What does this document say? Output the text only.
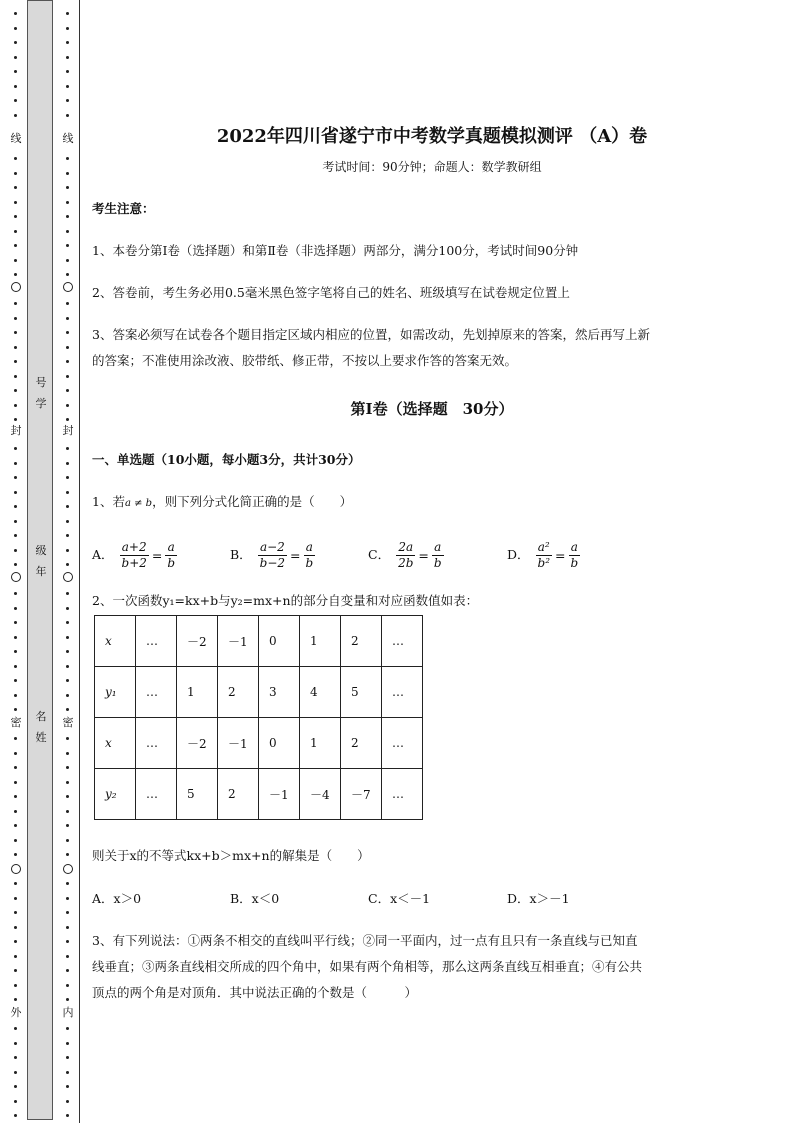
线
封
密
外
号
学
级
年
名
姓
线
封
密
内
2022年四川省遂宁市中考数学真题模拟测评 （A）卷
考试时间：90分钟；命题人：数学教研组
考生注意：
1、本卷分第Ⅰ卷（选择题）和第Ⅱ卷（非选择题）两部分，满分100分，考试时间90分钟
2、答卷前，考生务必用0.5毫米黑色签字笔将自己的姓名、班级填写在试卷规定位置上
3、答案必须写在试卷各个题目指定区域内相应的位置，如需改动，先划掉原来的答案，然后再写上新
的答案；不准使用涂改液、胶带纸、修正带，不按以上要求作答的答案无效。
第Ⅰ卷（选择题　30分）
一、单选题（10小题，每小题3分，共计30分）
1、若a ≠ b，则下列分式化简正确的是（　　）
A． $\frac{a+2}{b+2} = \frac{a}{b}$	B． $\frac{a-2}{b-2} = \frac{a}{b}$	C． $\frac{2a}{2b} = \frac{a}{b}$	D． $\frac{\text{a²}}{\text{b²}} = \frac{a}{b}$
2、一次函数y₁=kx+b与y₂=mx+n的部分自变量和对应函数值如表：
x	…	－2	－1	0	1	2	…
y₁	…	1	2	3	4	5	…
x	…	－2	－1	0	1	2	…
y₂	…	5	2	－1	－4	－7	…
则关于x的不等式kx+b＞mx+n的解集是（　　）
A．x＞0	B．x＜0	C．x＜－1	D．x＞－1
3、有下列说法：①两条不相交的直线叫平行线；②同一平面内，过一点有且只有一条直线与已知直
线垂直；③两条直线相交所成的四个角中，如果有两个角相等，那么这两条直线互相垂直；④有公共
顶点的两个角是对顶角．其中说法正确的个数是（　　　）
